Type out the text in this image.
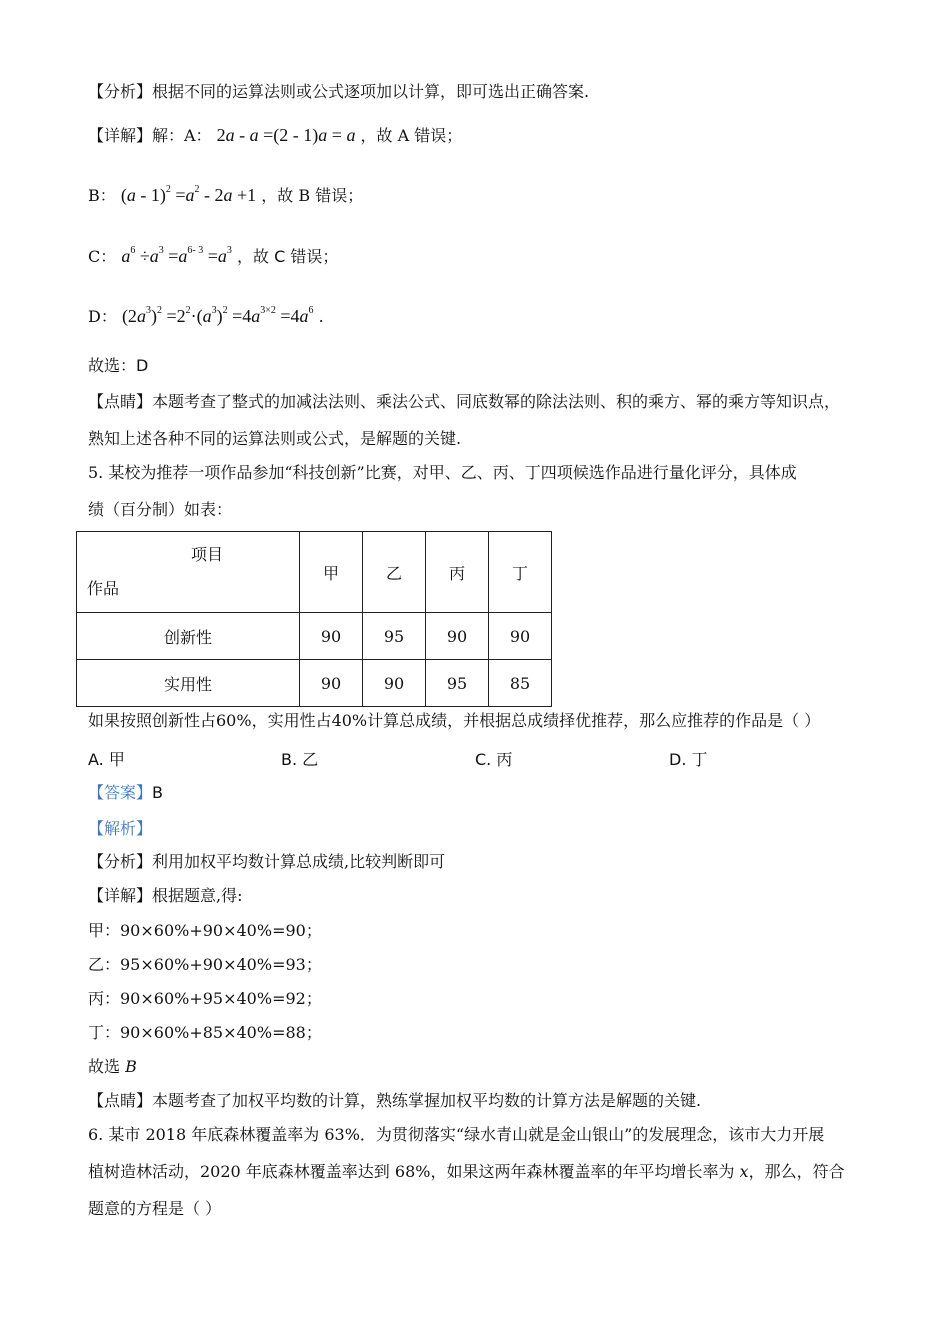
【分析】根据不同的运算法则或公式逐项加以计算，即可选出正确答案.
【详解】解：A： 2a - a =(2 - 1)a = a ，故 A 错误；
B： $(a - 1)^2 =a^2 - 2a +1$ ，故 B 错误；
C： $a^6 \div a^3 =a^{6- 3} =a^3$ ，故 C 错误；
D： $(2a^3)^2 =2^2\cdot(a^3)^2 =4a^{3\times 2} =4a^6$ .
故选：D
【点睛】本题考查了整式的加减法法则、乘法公式、同底数幂的除法法则、积的乘方、幂的乘方等知识点，
熟知上述各种不同的运算法则或公式，是解题的关键.
5. 某校为推荐一项作品参加“科技创新”比赛，对甲、乙、丙、丁四项候选作品进行量化评分，具体成
绩（百分制）如表：
项目
作品	甲	乙	丙	丁
创新性	90	95	90	90
实用性	90	90	95	85
如果按照创新性占60%，实用性占40%计算总成绩，并根据总成绩择优推荐，那么应推荐的作品是（ ）
A. 甲	B. 乙	C. 丙	D. 丁
【答案】B
【解析】
【分析】利用加权平均数计算总成绩,比较判断即可
【详解】根据题意,得:
甲：90×60%+90×40%=90；
乙：95×60%+90×40%=93；
丙：90×60%+95×40%=92；
丁：90×60%+85×40%=88；
故选 B
【点睛】本题考查了加权平均数的计算，熟练掌握加权平均数的计算方法是解题的关键.
6. 某市 2018 年底森林覆盖率为 63%．为贯彻落实“绿水青山就是金山银山”的发展理念，该市大力开展
植树造林活动，2020 年底森林覆盖率达到 68%，如果这两年森林覆盖率的年平均增长率为 x，那么，符合
题意的方程是（ ）
